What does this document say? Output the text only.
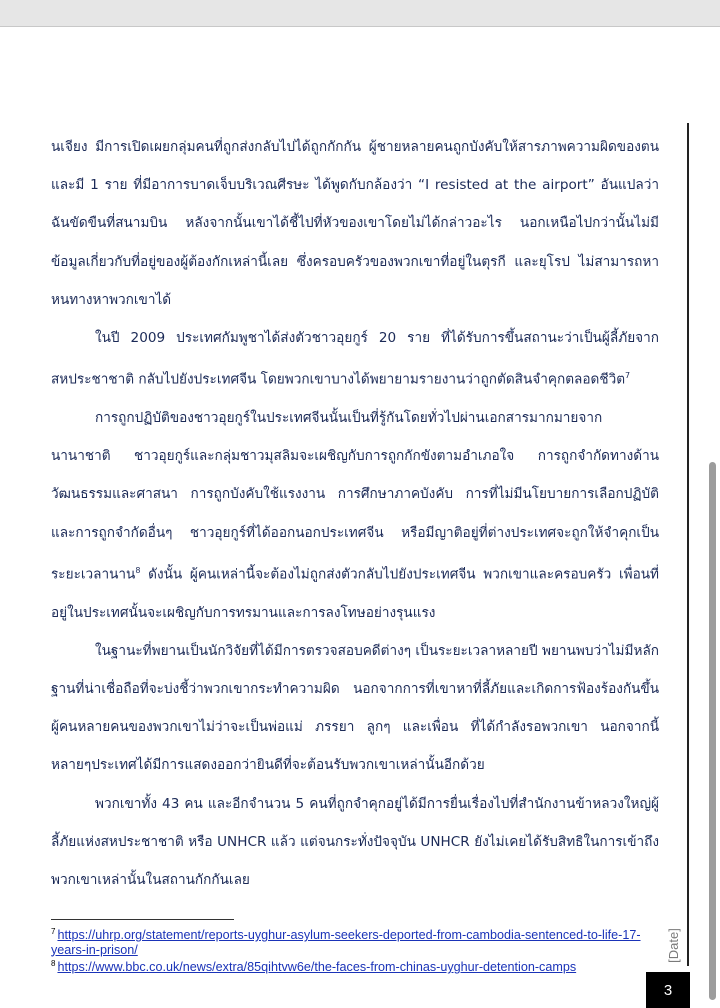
นเจียง มีการเปิดเผยกลุ่มคนที่ถูกส่งกลับไปได้ถูกกักกัน ผู้ชายหลายคนถูกบังคับให้สารภาพความผิดของตน และมี 1 ราย ที่มีอาการบาดเจ็บบริเวณศีรษะ ได้พูดกับกล้องว่า “I resisted at the airport” อันแปลว่า ฉันขัดขืนที่สนามบิน หลังจากนั้นเขาได้ชี้ไปที่หัวของเขาโดยไม่ได้กล่าวอะไร นอกเหนือไปกว่านั้นไม่มีข้อมูลเกี่ยวกับที่อยู่ของผู้ต้องกักเหล่านี้เลย ซึ่งครอบครัวของพวกเขาที่อยู่ในตุรกี และยุโรป ไม่สามารถหาหนทางหาพวกเขาได้

ในปี 2009 ประเทศกัมพูชาได้ส่งตัวชาวอุยกูร์ 20 ราย ที่ได้รับการขึ้นสถานะว่าเป็นผู้ลี้ภัยจากสหประชาชาติ กลับไปยังประเทศจีน โดยพวกเขาบางได้พยายามรายงานว่าถูกตัดสินจำคุกตลอดชีวิต$^7$

การถูกปฏิบัติของชาวอุยกูร์ในประเทศจีนนั้นเป็นที่รู้กันโดยทั่วไปผ่านเอกสารมากมายจากนานาชาติ ชาวอุยกูร์และกลุ่มชาวมุสลิมจะเผชิญกับการถูกกักขังตามอำเภอใจ การถูกจำกัดทางด้านวัฒนธรรมและศาสนา การถูกบังคับใช้แรงงาน การศึกษาภาคบังคับ การที่ไม่มีนโยบายการเลือกปฏิบัติ และการถูกจำกัดอื่นๆ ชาวอุยกูร์ที่ได้ออกนอกประเทศจีน หรือมีญาติอยู่ที่ต่างประเทศจะถูกให้จำคุกเป็นระยะเวลานาน$^8$ ดังนั้น ผู้คนเหล่านี้จะต้องไม่ถูกส่งตัวกลับไปยังประเทศจีน พวกเขาและครอบครัว เพื่อนที่อยู่ในประเทศนั้นจะเผชิญกับการทรมานและการลงโทษอย่างรุนแรง

ในฐานะที่พยานเป็นนักวิจัยที่ได้มีการตรวจสอบคดีต่างๆ เป็นระยะเวลาหลายปี พยานพบว่าไม่มีหลักฐานที่น่าเชื่อถือที่จะบ่งชี้ว่าพวกเขากระทำความผิด นอกจากการที่เขาหาที่ลี้ภัยและเกิดการฟ้องร้องกันขึ้น ผู้คนหลายคนของพวกเขาไม่ว่าจะเป็นพ่อแม่ ภรรยา ลูกๆ และเพื่อน ที่ได้กำลังรอพวกเขา นอกจากนี้หลายๆประเทศได้มีการแสดงออกว่ายินดีที่จะต้อนรับพวกเขาเหล่านั้นอีกด้วย

พวกเขาทั้ง 43 คน และอีกจำนวน 5 คนที่ถูกจำคุกอยู่ได้มีการยื่นเรื่องไปที่สำนักงานข้าหลวงใหญ่ผู้ลี้ภัยแห่งสหประชาชาติ หรือ UNHCR แล้ว แต่จนกระทั่งปัจจุบัน UNHCR ยังไม่เคยได้รับสิทธิในการเข้าถึงพวกเขาเหล่านั้นในสถานกักกันเลย

$^7$ https://uhrp.org/statement/reports-uyghur-asylum-seekers-deported-from-cambodia-sentenced-to-life-17-years-in-prison/

$^8$ https://www.bbc.co.uk/news/extra/85qihtvw6e/the-faces-from-chinas-uyghur-detention-camps

[Date]
3
